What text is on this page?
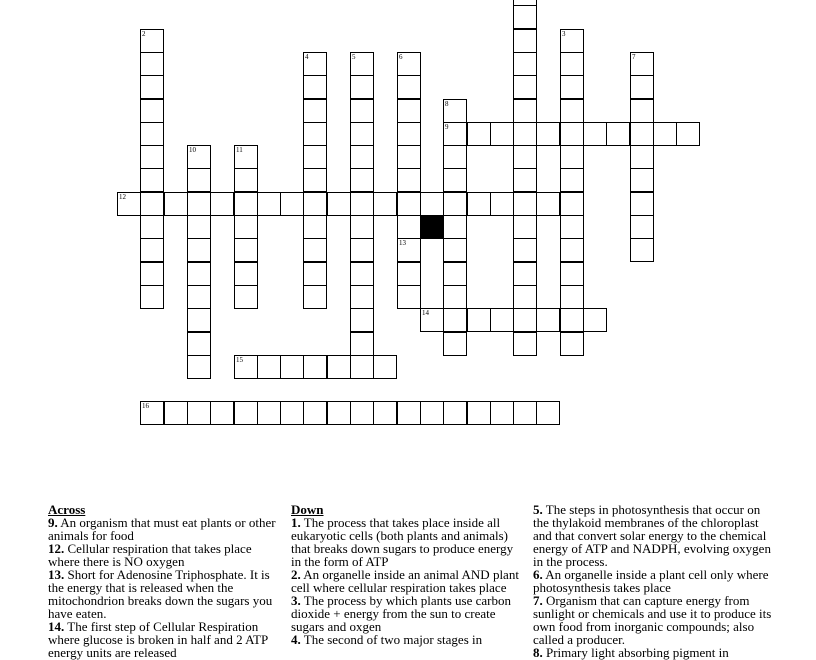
2
10	11
4	5	6
13
8
9
3
7
12
14
15
16
Across

9. An organism that must eat plants or other animals for food

12. Cellular respiration that takes place where there is NO oxygen

13. Short for Adenosine Triphosphate. It is the energy that is released when the mitochondrion breaks down the sugars you have eaten.

14. The first step of Cellular Respiration where glucose is broken in half and 2 ATP energy units are released

Down

1. The process that takes place inside all eukaryotic cells (both plants and animals) that breaks down sugars to produce energy in the form of ATP

2. An organelle inside an animal AND plant cell where cellular respiration takes place

3. The process by which plants use carbon dioxide + energy from the sun to create sugars and oxgen

4. The second of two major stages in

5. The steps in photosynthesis that occur on the thylakoid membranes of the chloroplast and that convert solar energy to the chemical energy of ATP and NADPH, evolving oxygen in the process.

6. An organelle inside a plant cell only where photosynthesis takes place

7. Organism that can capture energy from sunlight or chemicals and use it to produce its own food from inorganic compounds; also called a producer.

8. Primary light absorbing pigment in
